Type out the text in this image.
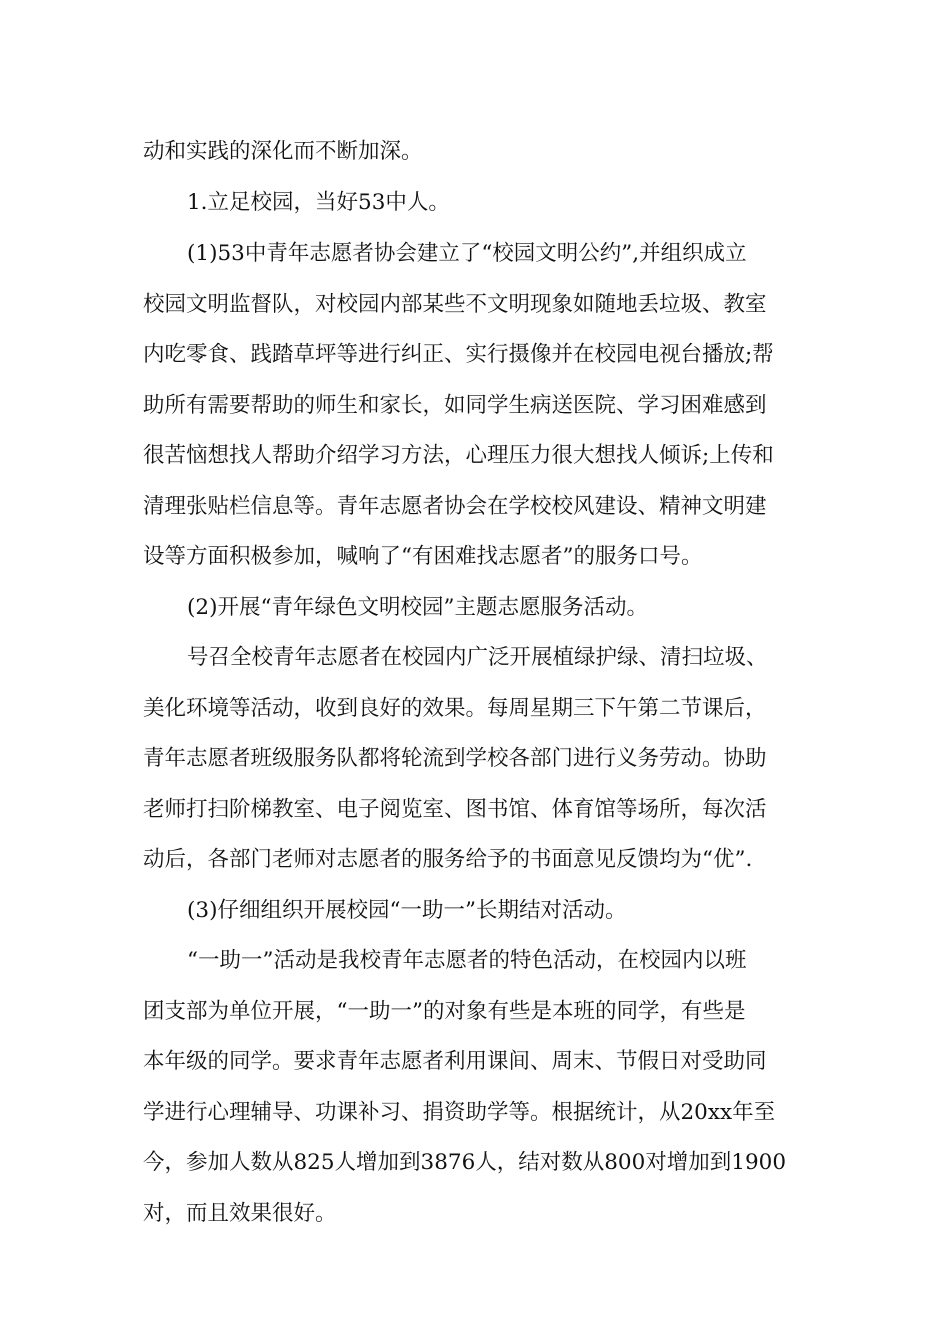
动和实践的深化而不断加深。
1.立足校园，当好53中人。
(1)53中青年志愿者协会建立了“校园文明公约”,并组织成立
校园文明监督队，对校园内部某些不文明现象如随地丢垃圾、教室
内吃零食、践踏草坪等进行纠正、实行摄像并在校园电视台播放;帮
助所有需要帮助的师生和家长，如同学生病送医院、学习困难感到
很苦恼想找人帮助介绍学习方法，心理压力很大想找人倾诉;上传和
清理张贴栏信息等。青年志愿者协会在学校校风建设、精神文明建
设等方面积极参加，喊响了“有困难找志愿者”的服务口号。
(2)开展“青年绿色文明校园”主题志愿服务活动。
号召全校青年志愿者在校园内广泛开展植绿护绿、清扫垃圾、
美化环境等活动，收到良好的效果。每周星期三下午第二节课后，
青年志愿者班级服务队都将轮流到学校各部门进行义务劳动。协助
老师打扫阶梯教室、电子阅览室、图书馆、体育馆等场所，每次活
动后，各部门老师对志愿者的服务给予的书面意见反馈均为“优”.
(3)仔细组织开展校园“一助一”长期结对活动。
“一助一”活动是我校青年志愿者的特色活动，在校园内以班
团支部为单位开展，“一助一”的对象有些是本班的同学，有些是
本年级的同学。要求青年志愿者利用课间、周末、节假日对受助同
学进行心理辅导、功课补习、捐资助学等。根据统计，从20xx年至
今，参加人数从825人增加到3876人，结对数从800对增加到1900
对，而且效果很好。
